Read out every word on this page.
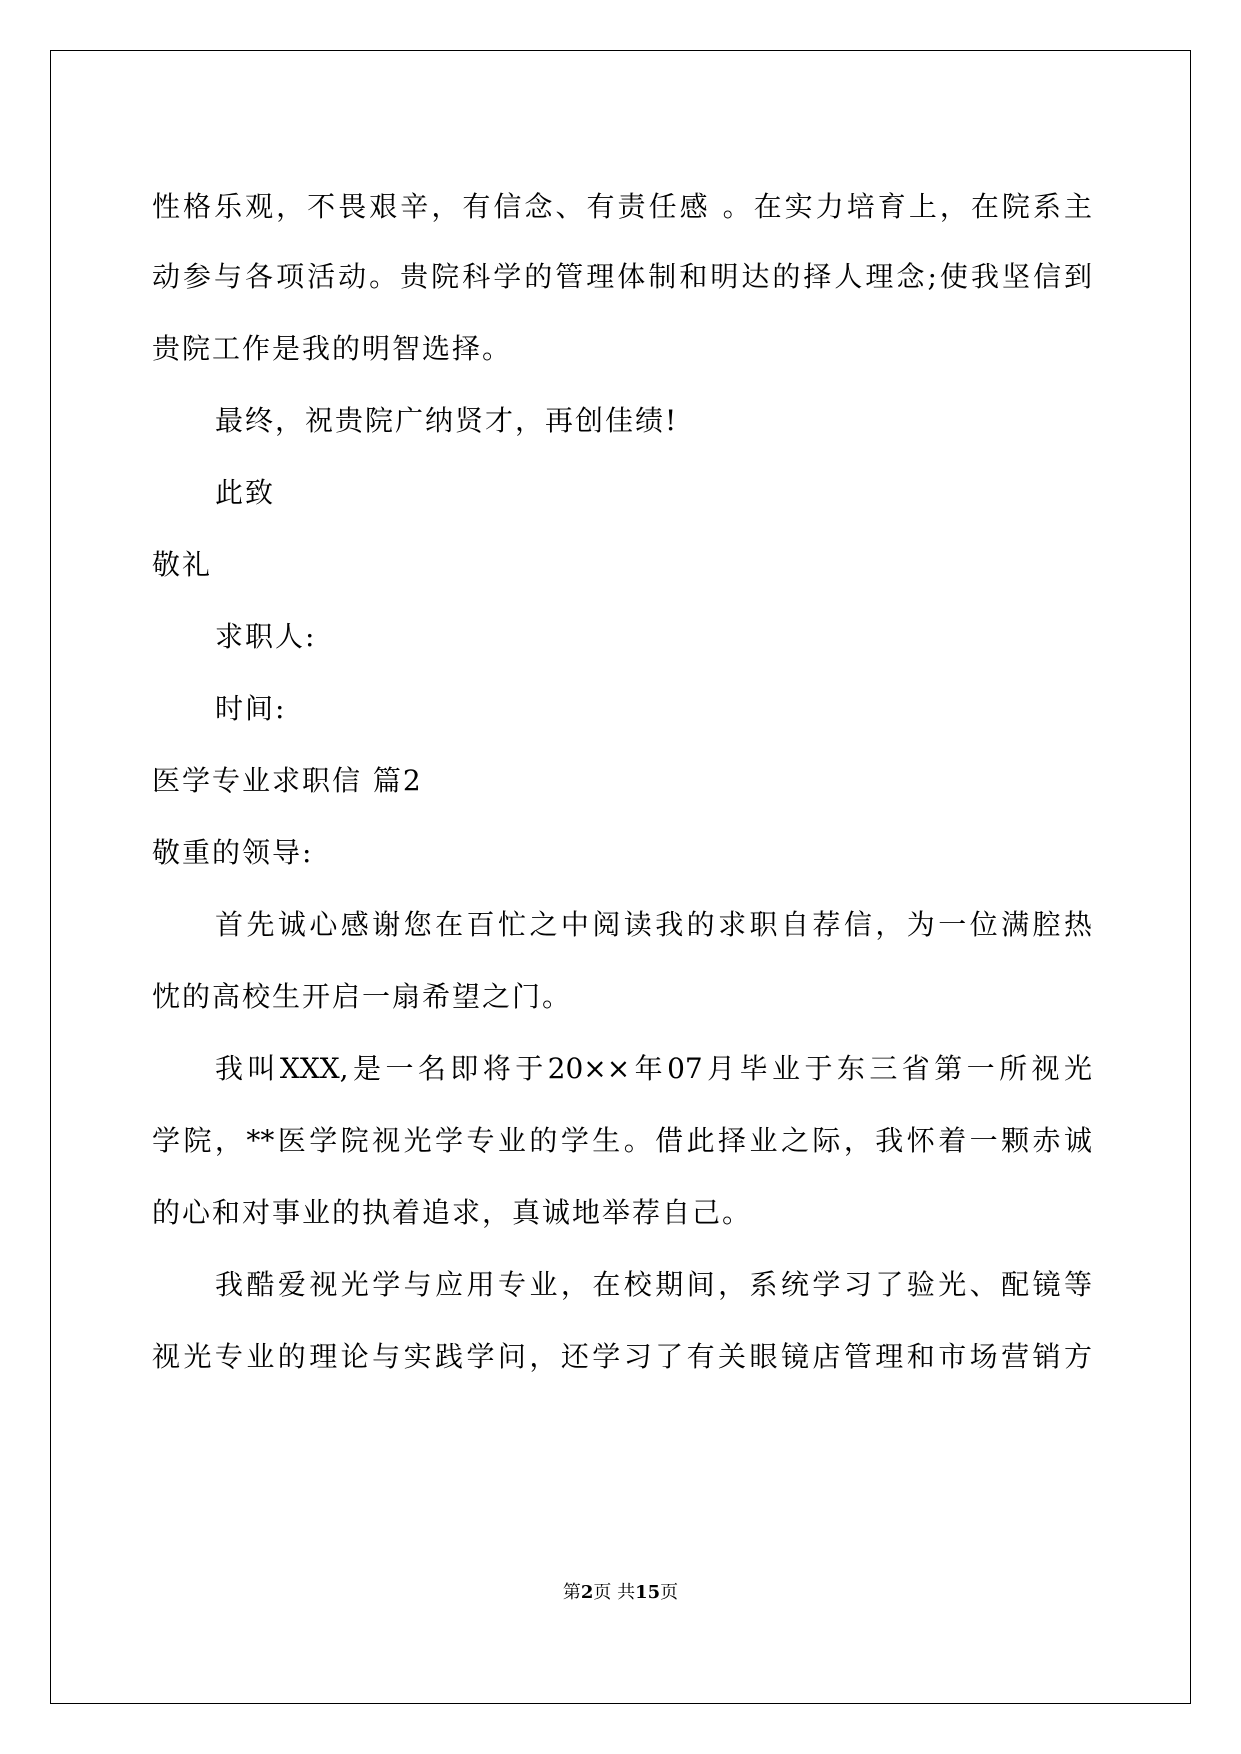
性格乐观，不畏艰辛，有信念、有责任感 。在实力培育上，在院系主
动参与各项活动。贵院科学的管理体制和明达的择人理念;使我坚信到
贵院工作是我的明智选择。
最终，祝贵院广纳贤才，再创佳绩!
此致
敬礼
求职人:
时间:
医学专业求职信 篇2
敬重的领导:
首先诚心感谢您在百忙之中阅读我的求职自荐信，为一位满腔热
忱的高校生开启一扇希望之门。
我叫XXX,是一名即将于20××年07月毕业于东三省第一所视光
学院，**医学院视光学专业的学生。借此择业之际，我怀着一颗赤诚
的心和对事业的执着追求，真诚地举荐自己。
我酷爱视光学与应用专业，在校期间，系统学习了验光、配镜等
视光专业的理论与实践学问，还学习了有关眼镜店管理和市场营销方
第2页 共15页
